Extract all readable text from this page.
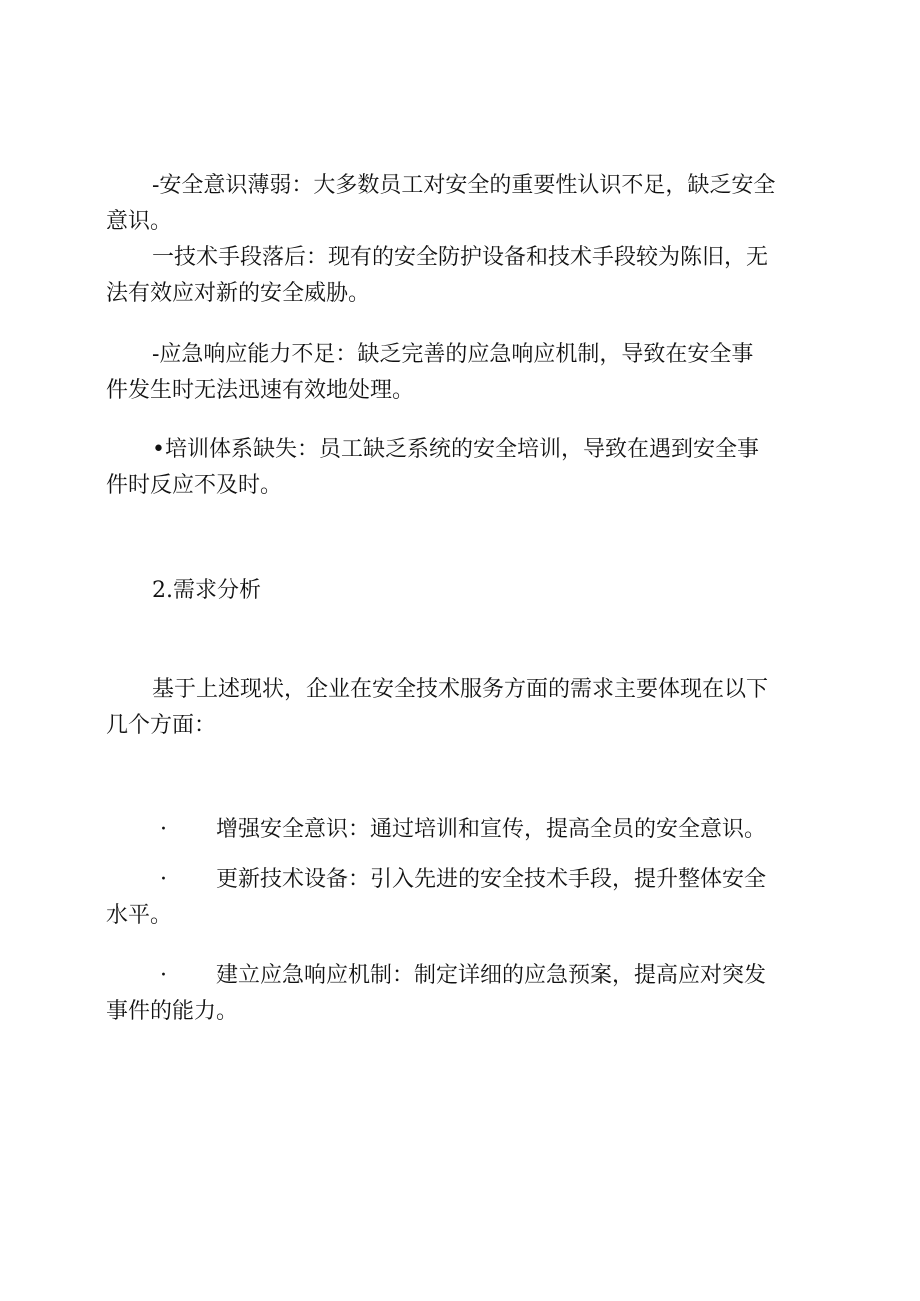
-安全意识薄弱：大多数员工对安全的重要性认识不足，缺乏安全
意识。
一技术手段落后：现有的安全防护设备和技术手段较为陈旧，无
法有效应对新的安全威胁。
-应急响应能力不足：缺乏完善的应急响应机制，导致在安全事
件发生时无法迅速有效地处理。
•培训体系缺失：员工缺乏系统的安全培训，导致在遇到安全事
件时反应不及时。
2.需求分析
基于上述现状，企业在安全技术服务方面的需求主要体现在以下
几个方面：
· 增强安全意识：通过培训和宣传，提高全员的安全意识。
· 更新技术设备：引入先进的安全技术手段，提升整体安全
水平。
· 建立应急响应机制：制定详细的应急预案，提高应对突发
事件的能力。
